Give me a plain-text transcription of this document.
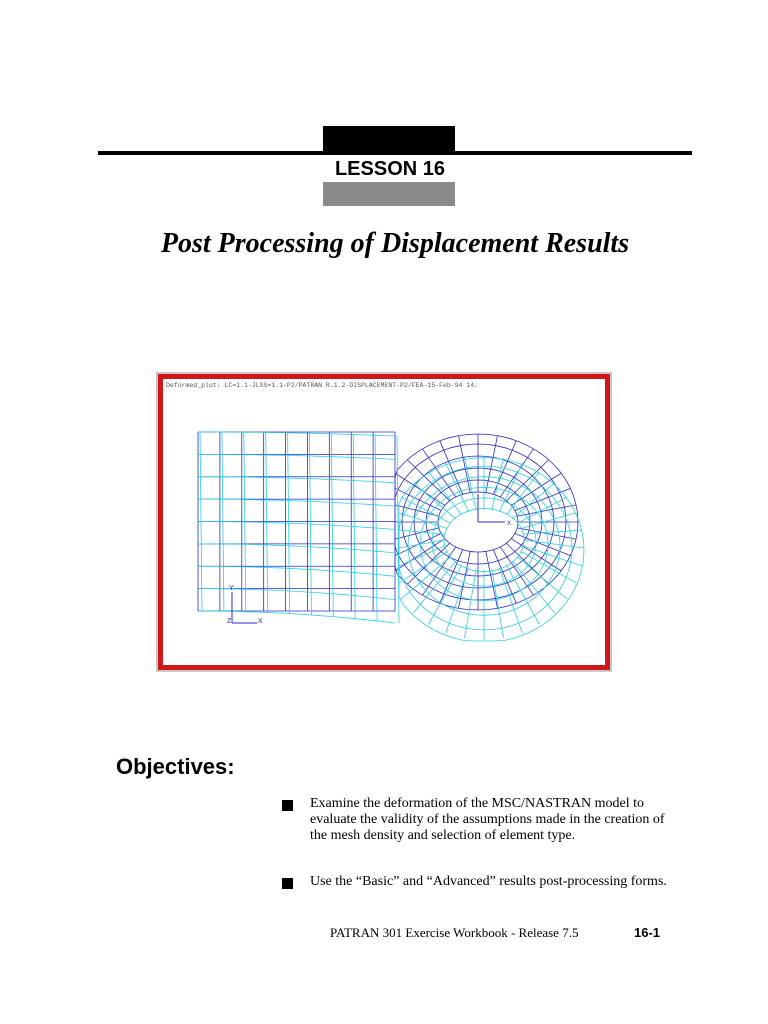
LESSON 16
Post Processing of Displacement Results
Deformed_plot: LC=1.1-JLSS=1.1-P2/PATRAN R.1.2-DISPLACEMENT-P2/FEA-15-Feb-94 14:
Y
Z	X
X
Objectives:
Examine the deformation of the MSC/NASTRAN model to evaluate the validity of the assumptions made in the creation of the mesh density and selection of element type.
Use the “Basic” and “Advanced” results post-processing forms.
PATRAN 301 Exercise Workbook - Release 7.5	16-1
